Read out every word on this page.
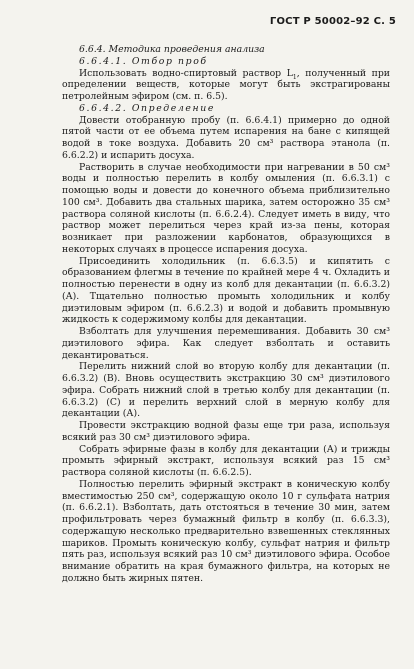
ГОСТ Р 50002–92 С. 5

6.6.4. Методика проведения анализа

6.6.4.1. Отбор проб

Использовать водно-спиртовый раствор $L_1$, полученный при определении веществ, которые могут быть экстрагированы петролейным эфиром (см. п. 6.5).

6.6.4.2. Определение

Довести отобранную пробу (п. 6.6.4.1) примерно до одной пятой части от ее объема путем испарения на бане с кипящей водой в токе воздуха. Добавить 20 см³ раствора этанола (п. 6.6.2.2) и испарить досуха.

Растворить в случае необходимости при нагревании в 50 см³ воды и полностью перелить в колбу омыления (п. 6.6.3.1) с помощью воды и довести до конечного объема приблизительно 100 см³. Добавить два стальных шарика, затем осторожно 35 см³ раствора соляной кислоты (п. 6.6.2.4). Следует иметь в виду, что раствор может перелиться через край из-за пены, которая возникает при разложении карбонатов, образующихся в некоторых случаях в процессе испарения досуха.

Присоединить холодильник (п. 6.6.3.5) и кипятить с образованием флегмы в течение по крайней мере 4 ч. Охладить и полностью перенести в одну из колб для декантации (п. 6.6.3.2) (А). Тщательно полностью промыть холодильник и колбу диэтиловым эфиром (п. 6.6.2.3) и водой и добавить промывную жидкость к содержимому колбы для декантации.

Взболтать для улучшения перемешивания. Добавить 30 см³ диэтилового эфира. Как следует взболтать и оставить декантироваться.

Перелить нижний слой во вторую колбу для декантации (п. 6.6.3.2) (В). Вновь осуществить экстракцию 30 см³ диэтилового эфира. Собрать нижний слой в третью колбу для декантации (п. 6.6.3.2) (С) и перелить верхний слой в мерную колбу для декантации (А).

Провести экстракцию водной фазы еще три раза, используя всякий раз 30 см³ диэтилового эфира.

Собрать эфирные фазы в колбу для декантации (А) и трижды промыть эфирный экстракт, используя всякий раз 15 см³ раствора соляной кислоты (п. 6.6.2.5).

Полностью перелить эфирный экстракт в коническую колбу вместимостью 250 см³, содержащую около 10 г сульфата натрия (п. 6.6.2.1). Взболтать, дать отстояться в течение 30 мин, затем профильтровать через бумажный фильтр в колбу (п. 6.6.3.3), содержащую несколько предварительно взвешенных стеклянных шариков. Промыть коническую колбу, сульфат натрия и фильтр пять раз, используя всякий раз 10 см³ диэтилового эфира. Особое внимание обратить на края бумажного фильтра, на которых не должно быть жирных пятен.
